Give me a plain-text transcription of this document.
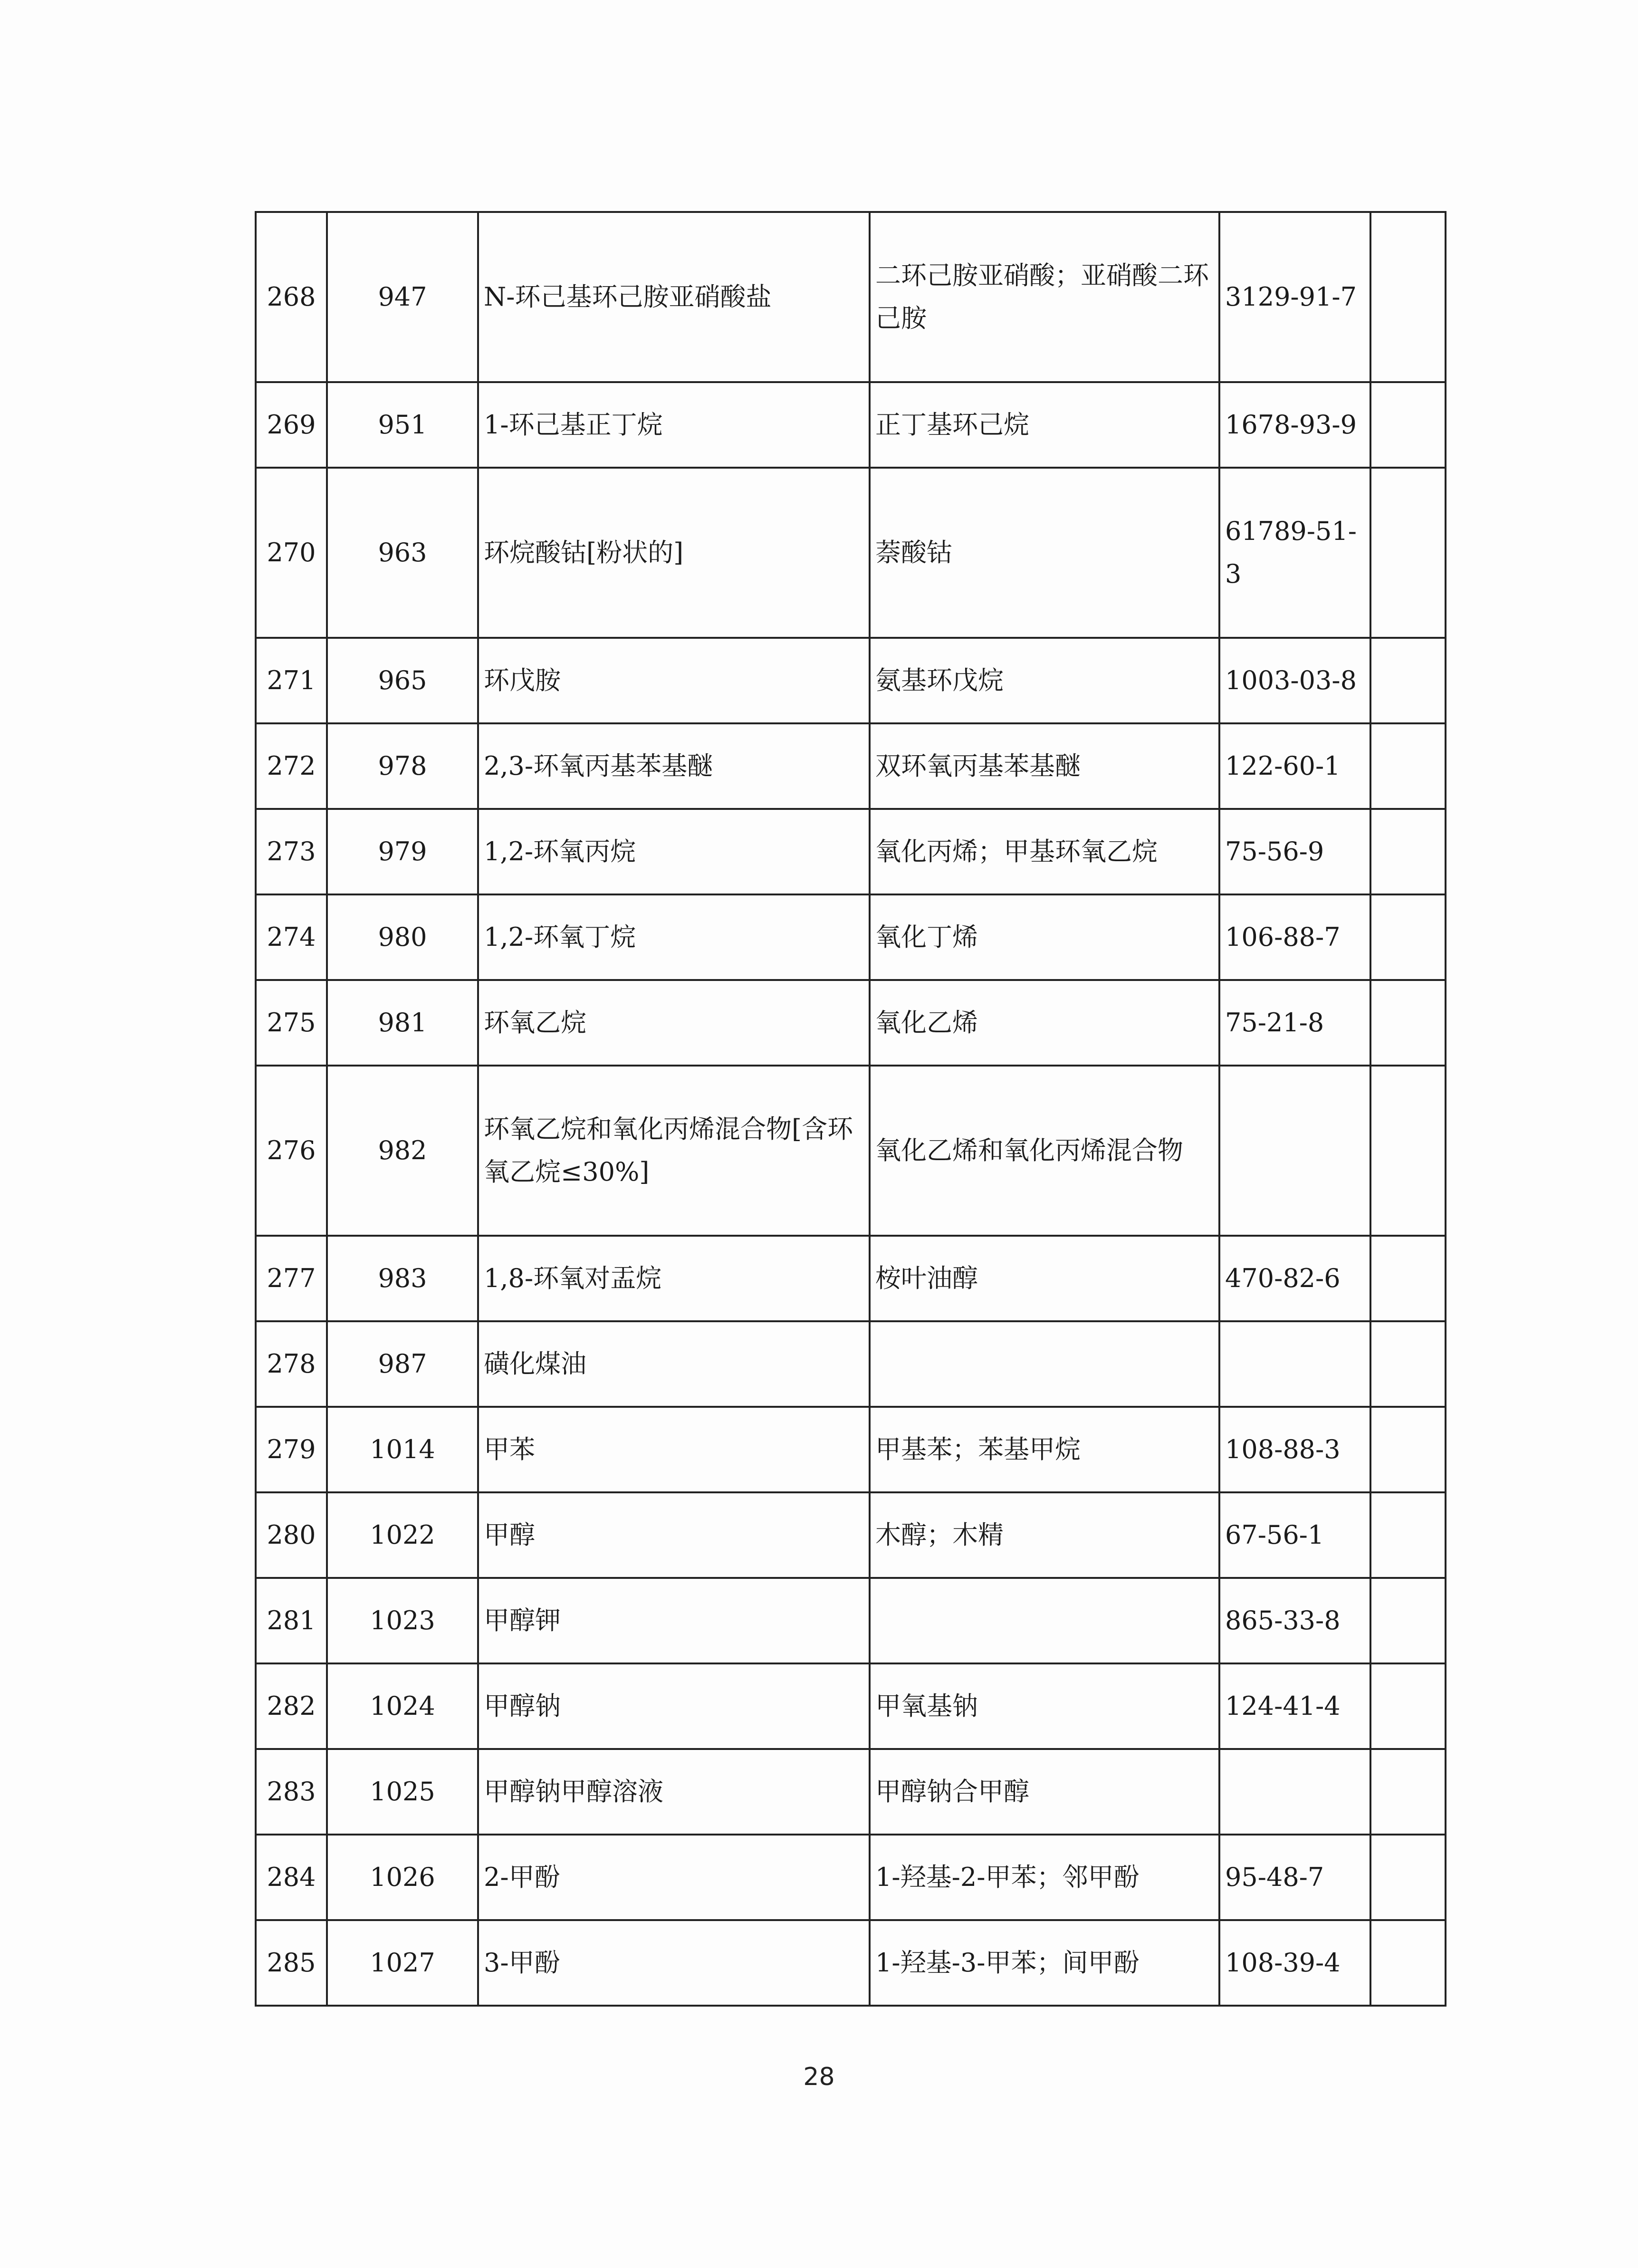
268	947	N-环己基环己胺亚硝酸盐	二环己胺亚硝酸；亚硝酸二环己胺	3129-91-7	
269	951	1-环己基正丁烷	正丁基环己烷	1678-93-9	
270	963	环烷酸钴[粉状的]	萘酸钴	61789-51-3	
271	965	环戊胺	氨基环戊烷	1003-03-8	
272	978	2,3-环氧丙基苯基醚	双环氧丙基苯基醚	122-60-1	
273	979	1,2-环氧丙烷	氧化丙烯；甲基环氧乙烷	75-56-9	
274	980	1,2-环氧丁烷	氧化丁烯	106-88-7	
275	981	环氧乙烷	氧化乙烯	75-21-8	
276	982	环氧乙烷和氧化丙烯混合物[含环氧乙烷≤30%]	氧化乙烯和氧化丙烯混合物		
277	983	1,8-环氧对盂烷	桉叶油醇	470-82-6	
278	987	磺化煤油			
279	1014	甲苯	甲基苯；苯基甲烷	108-88-3	
280	1022	甲醇	木醇；木精	67-56-1	
281	1023	甲醇钾		865-33-8	
282	1024	甲醇钠	甲氧基钠	124-41-4	
283	1025	甲醇钠甲醇溶液	甲醇钠合甲醇		
284	1026	2-甲酚	1-羟基-2-甲苯；邻甲酚	95-48-7	
285	1027	3-甲酚	1-羟基-3-甲苯；间甲酚	108-39-4	
28
